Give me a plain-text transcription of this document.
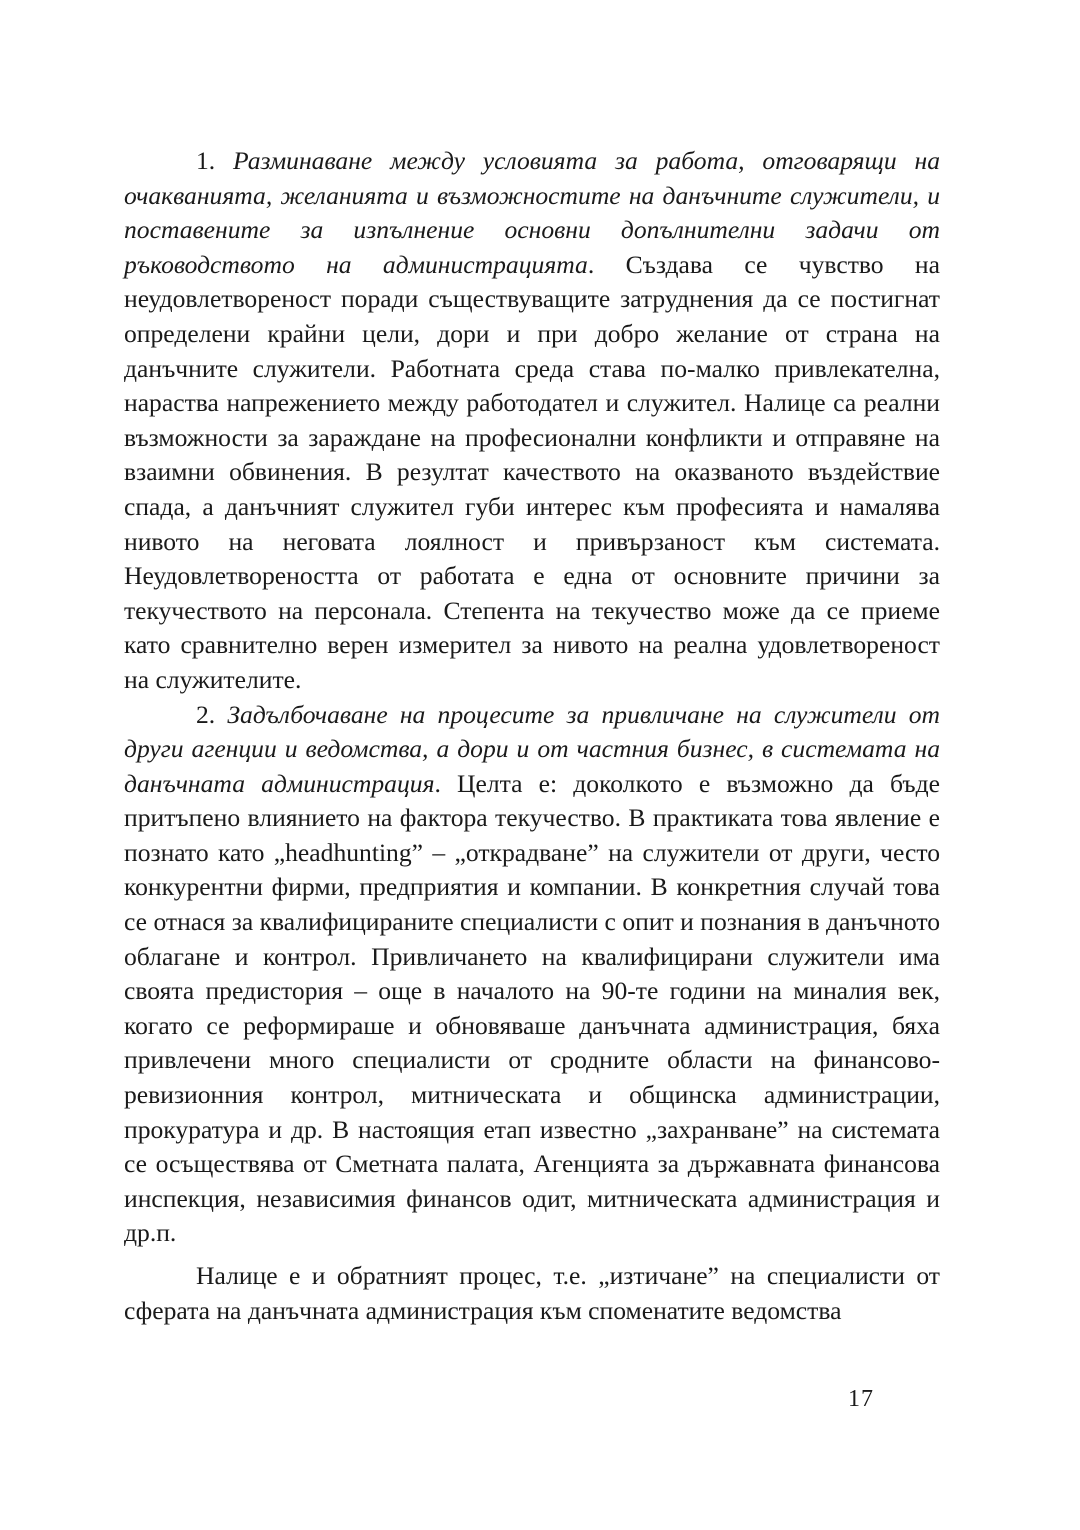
1. Разминаване между условията за работа, отговарящи на очакванията, желанията и възможностите на данъчните служители, и поставените за изпълнение основни допълнителни задачи от ръководството на администрацията. Създава се чувство на неудовлетвореност поради съществуващите затруднения да се постигнат определени крайни цели, дори и при добро желание от страна на данъчните служители. Работната среда става по-малко привлекателна, нараства напрежението между работодател и служител. Налице са реални възможности за зараждане на професионални конфликти и отправяне на взаимни обвинения. В резултат качеството на оказваното въздействие спада, а данъчният служител губи интерес към професията и намалява нивото на неговата лоялност и привързаност към системата. Неудовлетвореността от работата е една от основните причини за текучеството на персонала. Степента на текучество може да се приеме като сравнително верен измерител за нивото на реална удовлетвореност на служителите.

2. Задълбочаване на процесите за привличане на служители от други агенции и ведомства, а дори и от частния бизнес, в системата на данъчната администрация. Целта е: доколкото е възможно да бъде притъпено влиянието на фактора текучество. В практиката това явление е познато като „headhunting” – „открадване” на служители от други, често конкурентни фирми, предприятия и компании. В конкретния случай това се отнася за квалифицираните специалисти с опит и познания в данъчното облагане и контрол. Привличането на квалифицирани служители има своята предистория – още в началото на 90-те години на миналия век, когато се реформираше и обновяваше данъчната администрация, бяха привлечени много специалисти от сродните области на финансово-ревизионния контрол, митническата и общинска администрации, прокуратура и др. В настоящия етап известно „захранване” на системата се осъществява от Сметната палата, Агенцията за държавната финансова инспекция, независимия финансов одит, митническата администрация и др.п.

Налице е и обратният процес, т.е. „изтичане” на специалисти от сферата на данъчната администрация към споменатите ведомства

17
